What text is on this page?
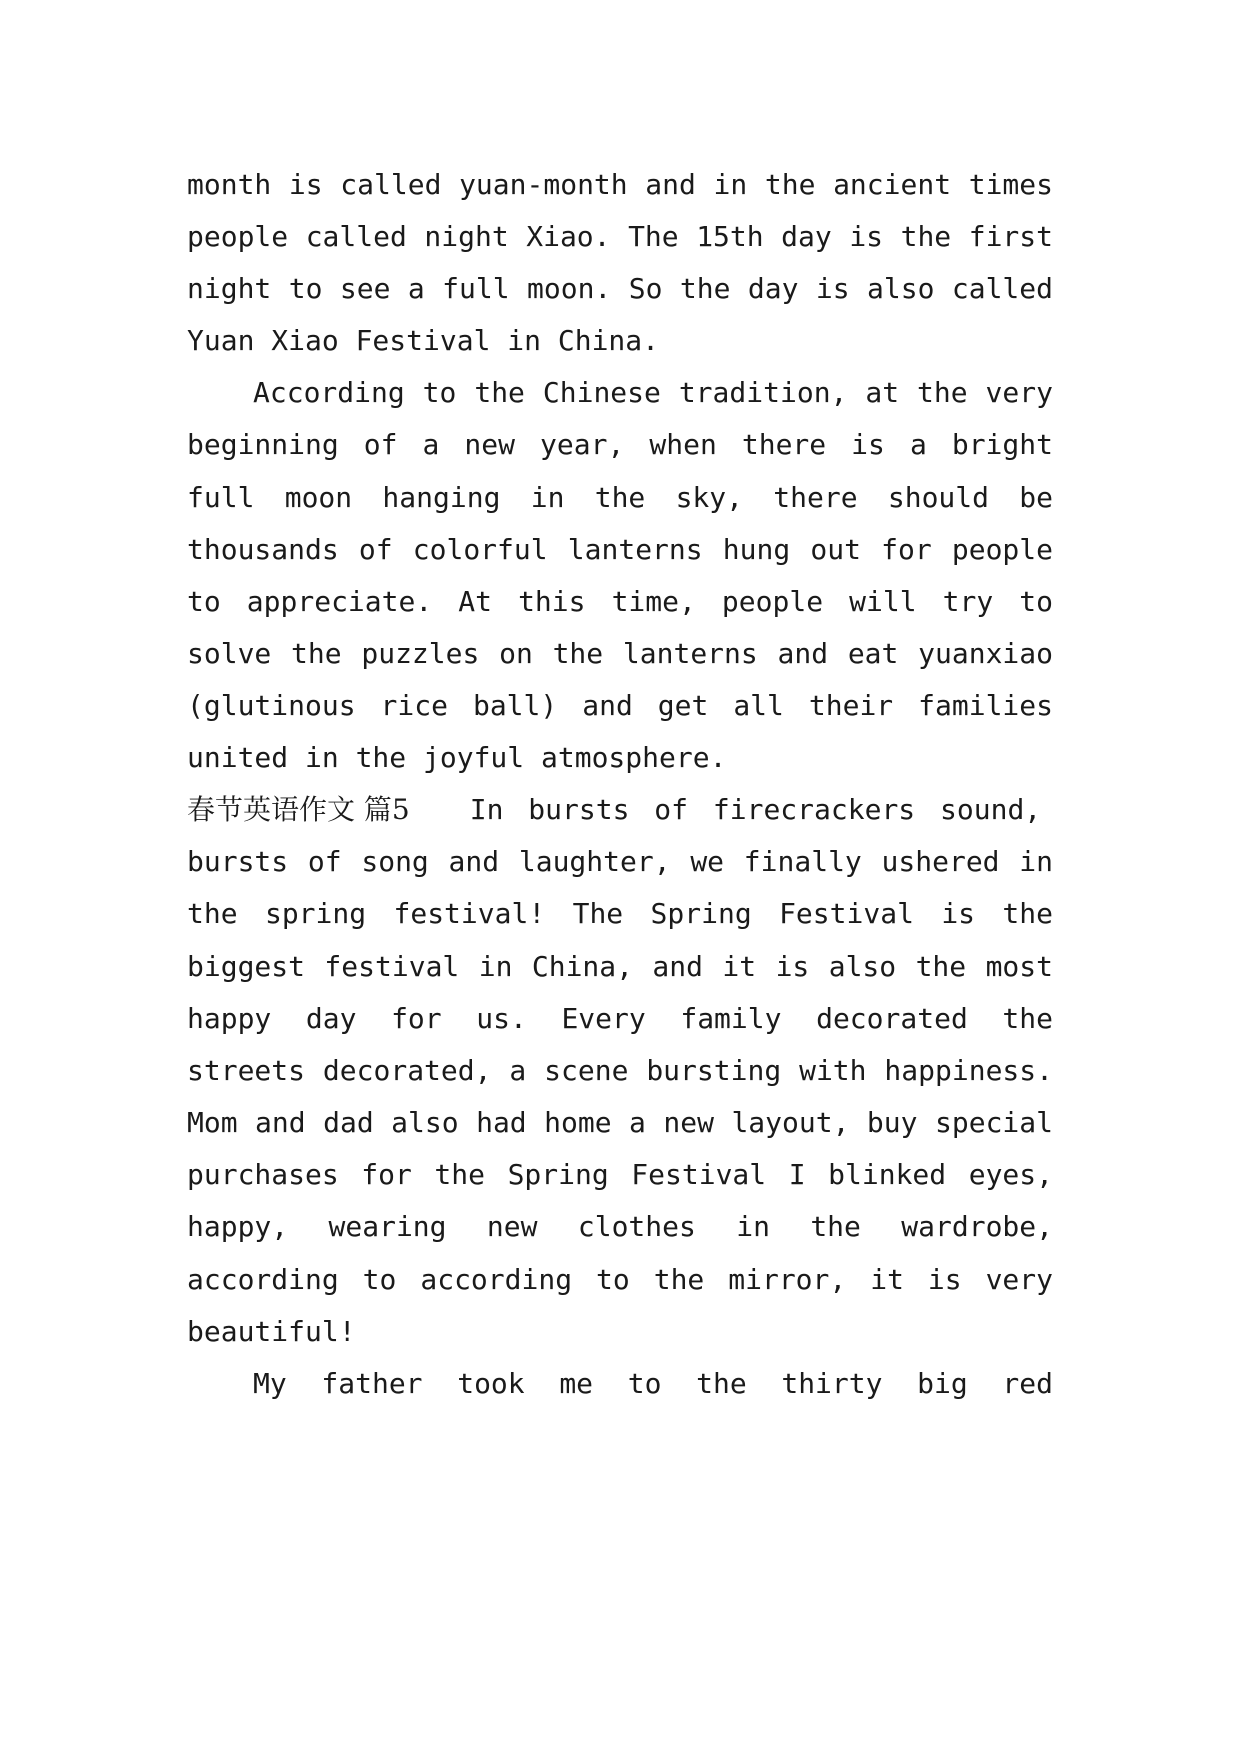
month is called yuan-month and in the ancient times
people called night Xiao. The 15th day is the first
night to see a full moon. So the day is also called
Yuan Xiao Festival in China.
According to the Chinese tradition, at the very
beginning of a new year, when there is a bright
full moon hanging in the sky, there should be
thousands of colorful lanterns hung out for people
to appreciate. At this time, people will try to
solve the puzzles on the lanterns and eat yuanxiao
(glutinous rice ball) and get all their families
united in the joyful atmosphere.
春节英语作文 篇5 In bursts of firecrackers sound,
bursts of song and laughter, we finally ushered in
the spring festival! The Spring Festival is the
biggest festival in China, and it is also the most
happy day for us. Every family decorated the
streets decorated, a scene bursting with happiness.
Mom and dad also had home a new layout, buy special
purchases for the Spring Festival I blinked eyes,
happy, wearing new clothes in the wardrobe,
according to according to the mirror, it is very
beautiful!
My father took me to the thirty big red
